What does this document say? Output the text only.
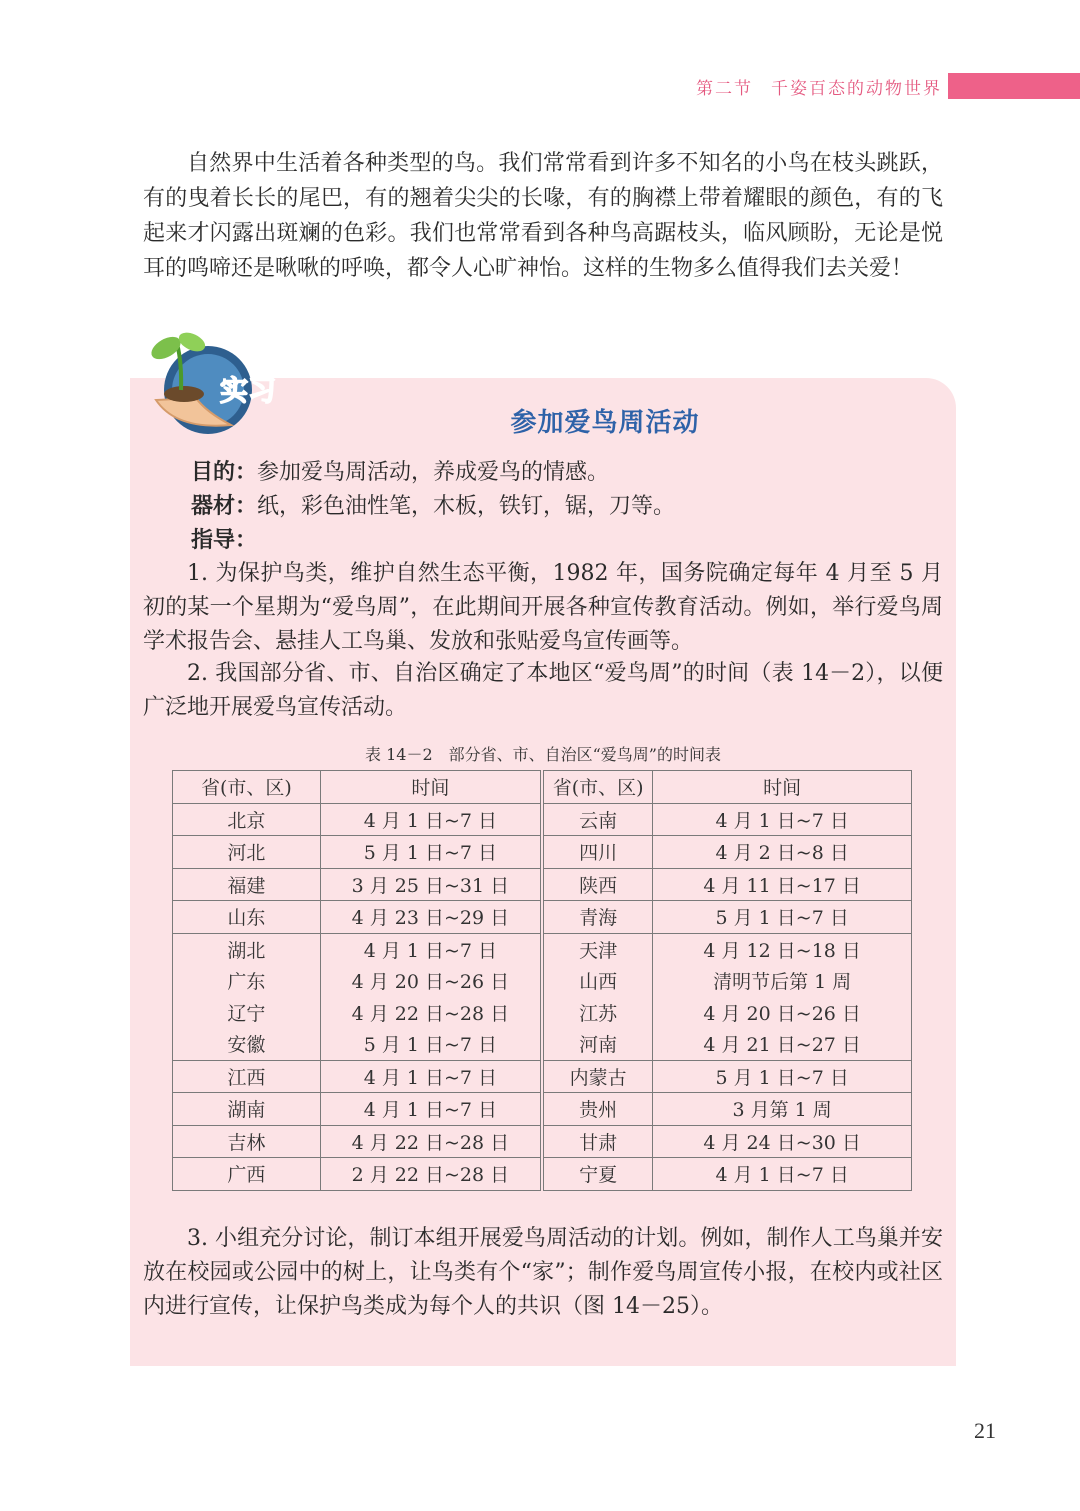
第二节 千姿百态的动物世界

自然界中生活着各种类型的鸟。我们常常看到许多不知名的小鸟在枝头跳跃，有的曳着长长的尾巴，有的翘着尖尖的长喙，有的胸襟上带着耀眼的颜色，有的飞起来才闪露出斑斓的色彩。我们也常常看到各种鸟高踞枝头，临风顾盼，无论是悦耳的鸣啼还是啾啾的呼唤，都令人心旷神怡。这样的生物多么值得我们去关爱！

实习
参加爱鸟周活动
目的：参加爱鸟周活动，养成爱鸟的情感。
器材：纸，彩色油性笔，木板，铁钉，锯，刀等。
指导：

1. 为保护鸟类，维护自然生态平衡，1982 年，国务院确定每年 4 月至 5 月初的某一个星期为“爱鸟周”，在此期间开展各种宣传教育活动。例如，举行爱鸟周学术报告会、悬挂人工鸟巢、发放和张贴爱鸟宣传画等。

2. 我国部分省、市、自治区确定了本地区“爱鸟周”的时间（表 14－2），以便广泛地开展爱鸟宣传活动。

表 14－2　部分省、市、自治区“爱鸟周”的时间表
省(市、区)	时间	省(市、区)	时间
北京	4 月 1 日~7 日	云南	4 月 1 日~7 日
河北	5 月 1 日~7 日	四川	4 月 2 日~8 日
福建	3 月 25 日~31 日	陕西	4 月 11 日~17 日
山东	4 月 23 日~29 日	青海	5 月 1 日~7 日
湖北	4 月 1 日~7 日	天津	4 月 12 日~18 日
广东	4 月 20 日~26 日	山西	清明节后第 1 周
辽宁	4 月 22 日~28 日	江苏	4 月 20 日~26 日
安徽	5 月 1 日~7 日	河南	4 月 21 日~27 日
江西	4 月 1 日~7 日	内蒙古	5 月 1 日~7 日
湖南	4 月 1 日~7 日	贵州	3 月第 1 周
吉林	4 月 22 日~28 日	甘肃	4 月 24 日~30 日
广西	2 月 22 日~28 日	宁夏	4 月 1 日~7 日

3. 小组充分讨论，制订本组开展爱鸟周活动的计划。例如，制作人工鸟巢并安放在校园或公园中的树上，让鸟类有个“家”；制作爱鸟周宣传小报，在校内或社区内进行宣传，让保护鸟类成为每个人的共识（图 14－25）。

21
